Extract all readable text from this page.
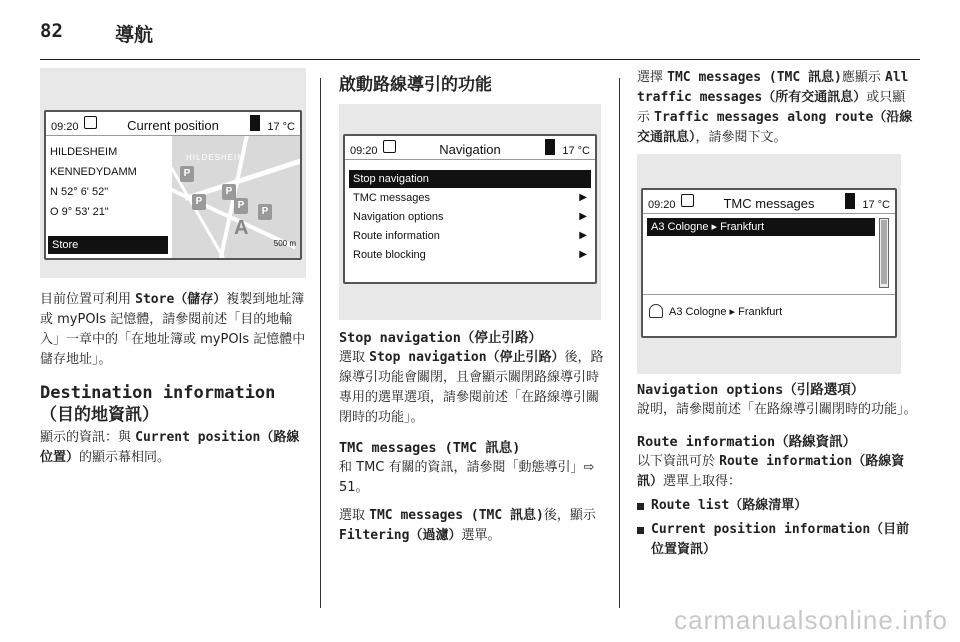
82	導航
09:20	Current position	17 °C
HILDESHEIM
KENNEDYDAMM
N 52° 6' 52"
O 9° 53' 21"
HILDESHEIM
P
P
P
P
P
A
500 m
Store

目前位置可利用 Store（儲存）複製到地址簿或 myPOIs 記憶體，請參閱前述「目的地輸入」一章中的「在地址簿或 myPOIs 記憶體中儲存地址」。

Destination information（目的地資訊）

顯示的資訊：與 Current position（路線位置）的顯示幕相同。

啟動路線導引的功能

09:20	Navigation	17 °C
Stop navigation
TMC messages	▶
Navigation options	▶
Route information	▶
Route blocking	▶

Stop navigation（停止引路）

選取 Stop navigation（停止引路）後，路線導引功能會關閉，且會顯示關閉路線導引時專用的選單選項，請參閱前述「在路線導引關閉時的功能」。

TMC messages (TMC 訊息)

和 TMC 有關的資訊，請參閱「動態導引」⇨ 51。

選取 TMC messages (TMC 訊息)後，顯示 Filtering（過濾）選單。

選擇 TMC messages (TMC 訊息)應顯示 All traffic messages（所有交通訊息）或只顯示 Traffic messages along route（沿線交通訊息），請參閱下文。

09:20	TMC messages	17 °C
A3 Cologne ▸ Frankfurt
A3 Cologne ▸ Frankfurt

Navigation options（引路選項）

說明，請參閱前述「在路線導引關閉時的功能」。

Route information（路線資訊）

以下資訊可於 Route information（路線資訊）選單上取得：

Route list（路線清單）
Current position information（目前位置資訊）
carmanualsonline.info
